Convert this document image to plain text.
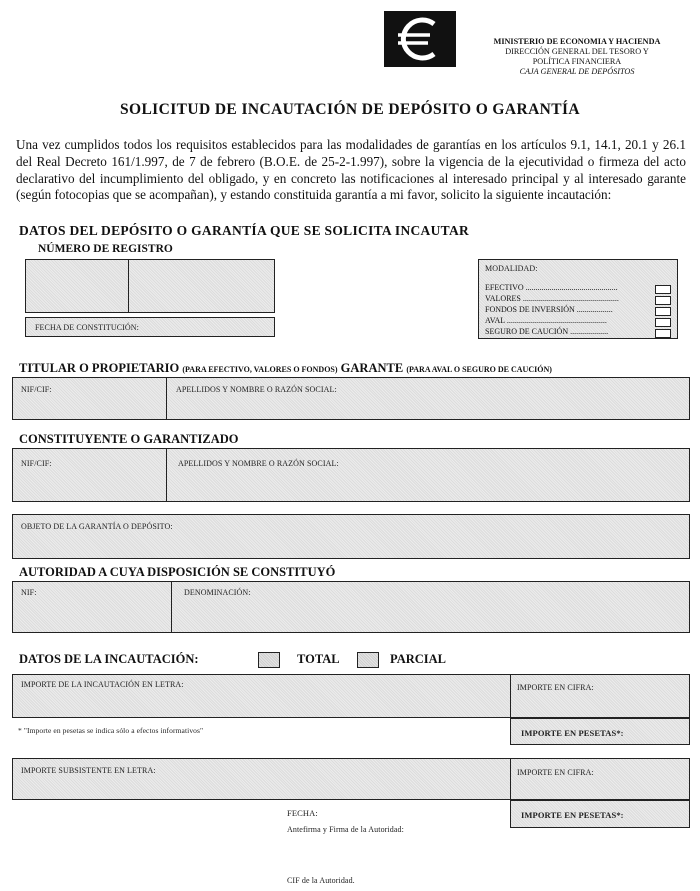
MINISTERIO DE ECONOMIA Y HACIENDA
DIRECCIÓN GENERAL DEL TESORO Y
POLÍTICA FINANCIERA
CAJA GENERAL DE DEPÓSITOS
SOLICITUD DE INCAUTACIÓN DE DEPÓSITO O GARANTÍA
Una vez cumplidos todos los requisitos establecidos para las modalidades de garantías en los artículos 9.1, 14.1, 20.1 y 26.1 del Real Decreto 161/1.997, de 7 de febrero (B.O.E. de 25-2-1.997), sobre la vigencia de la ejecutividad o firmeza del acto declarativo del incumplimiento del obligado, y en concreto las notificaciones al interesado principal y al interesado garante (según fotocopias que se acompañan), y estando constituida garantía a mi favor, solicito la siguiente incautación:
DATOS DEL DEPÓSITO O GARANTÍA QUE SE SOLICITA INCAUTAR
NÚMERO DE REGISTRO
FECHA DE CONSTITUCIÓN:
MODALIDAD:
EFECTIVO ..............................................
VALORES ................................................
FONDOS DE INVERSIÓN ..................
AVAL ..................................................
SEGURO DE CAUCIÓN ...................
TITULAR O PROPIETARIO (PARA EFECTIVO, VALORES O FONDOS) GARANTE (PARA AVAL O SEGURO DE CAUCIÓN)
NIF/CIF:	APELLIDOS Y NOMBRE O RAZÓN SOCIAL:
CONSTITUYENTE O GARANTIZADO
NIF/CIF:	APELLIDOS Y NOMBRE O RAZÓN SOCIAL:
OBJETO DE LA GARANTÍA O DEPÓSITO:
AUTORIDAD A CUYA DISPOSICIÓN SE CONSTITUYÓ
NIF:	DENOMINACIÓN:
DATOS DE LA INCAUTACIÓN:	TOTAL	PARCIAL
IMPORTE DE LA INCAUTACIÓN EN LETRA:	IMPORTE EN CIFRA:
IMPORTE EN PESETAS*:
* "Importe en pesetas se indica sólo a efectos informativos"
IMPORTE SUBSISTENTE EN LETRA:	IMPORTE EN CIFRA:
IMPORTE EN PESETAS*:
FECHA:
Antefirma y Firma de la Autoridad:
CIF de la Autoridad.
